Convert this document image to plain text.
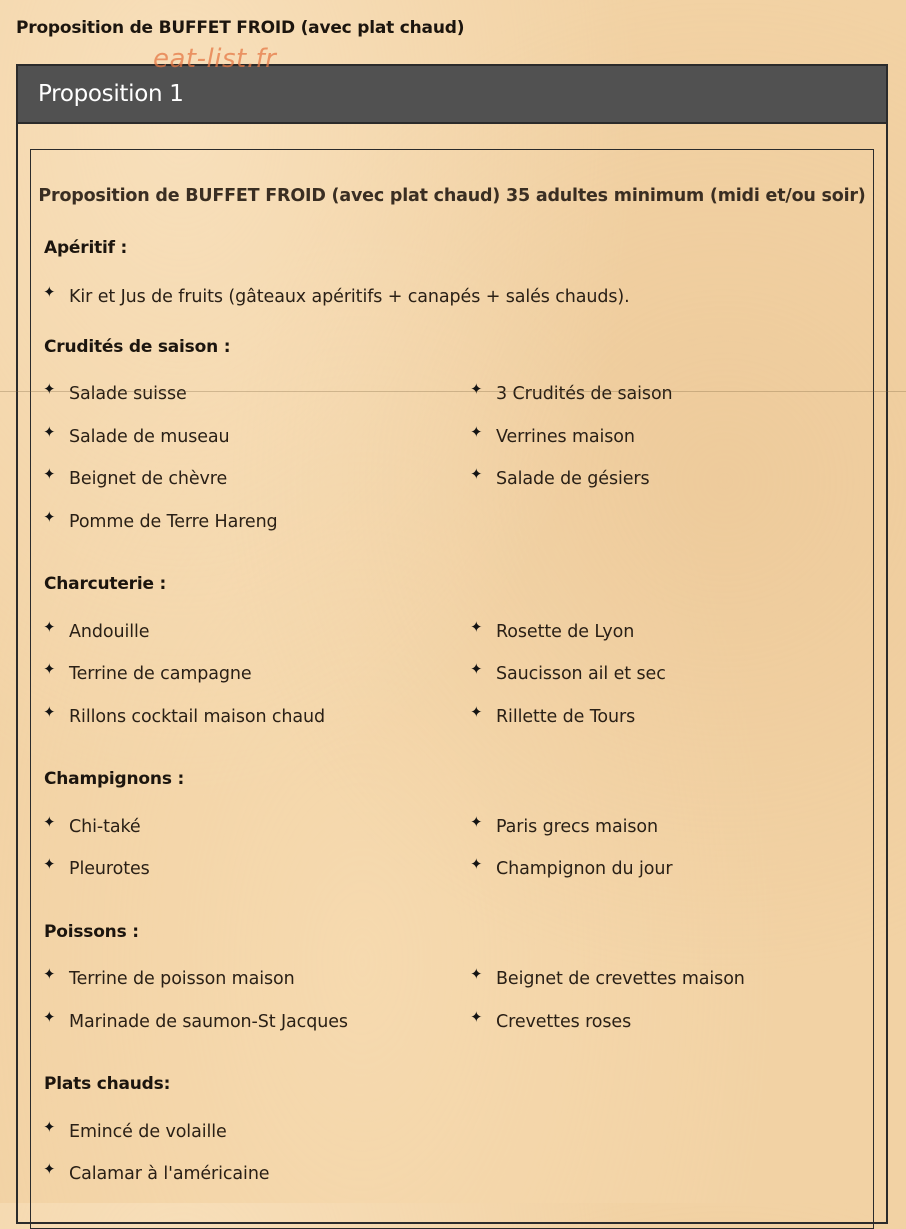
Proposition de BUFFET FROID (avec plat chaud)
eat-list.fr
Proposition 1
Proposition de BUFFET FROID (avec plat chaud) 35 adultes minimum (midi et/ou soir)
Apéritif :
✦ Kir et Jus de fruits (gâteaux apéritifs + canapés + salés chauds).
Crudités de saison :
✦ Salade suisse	✦ 3 Crudités de saison
✦ Salade de museau	✦ Verrines maison
✦ Beignet de chèvre	✦ Salade de gésiers
✦ Pomme de Terre Hareng
Charcuterie :
✦ Andouille	✦ Rosette de Lyon
✦ Terrine de campagne	✦ Saucisson ail et sec
✦ Rillons cocktail maison chaud	✦ Rillette de Tours
Champignons :
✦ Chi-také	✦ Paris grecs maison
✦ Pleurotes	✦ Champignon du jour
Poissons :
✦ Terrine de poisson maison	✦ Beignet de crevettes maison
✦ Marinade de saumon-St Jacques	✦ Crevettes roses
Plats chauds:
✦ Emincé de volaille
✦ Calamar à l'américaine
